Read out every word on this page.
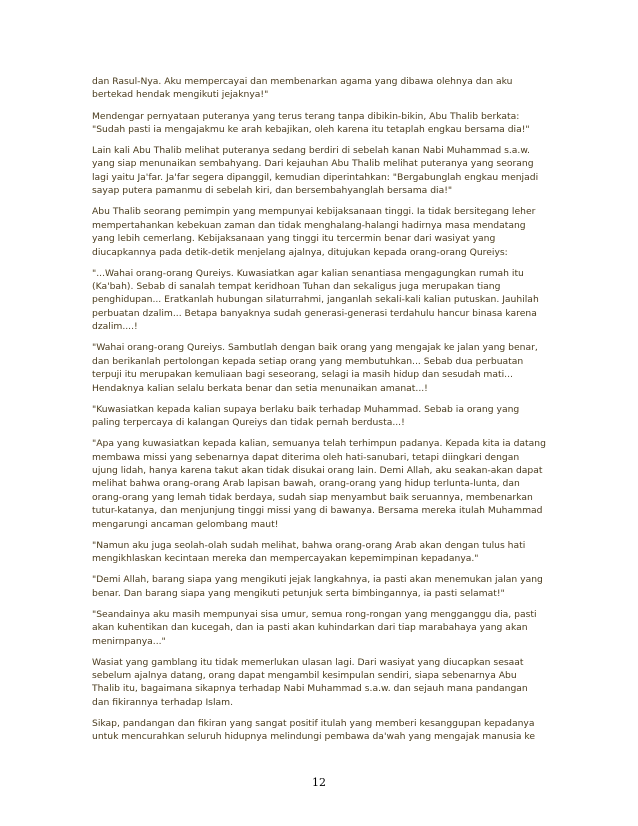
dan Rasul-Nya. Aku mempercayai dan membenarkan agama yang dibawa olehnya dan aku bertekad hendak mengikuti jejaknya!"

Mendengar pernyataan puteranya yang terus terang tanpa dibikin-bikin, Abu Thalib berkata: "Sudah pasti ia mengajakmu ke arah kebajikan, oleh karena itu tetaplah engkau bersama dia!"

Lain kali Abu Thalib melihat puteranya sedang berdiri di sebelah kanan Nabi Muhammad s.a.w. yang siap menunaikan sembahyang. Dari kejauhan Abu Thalib melihat puteranya yang seorang lagi yaitu Ja'far. Ja'far segera dipanggil, kemudian diperintahkan: "Bergabunglah engkau menjadi sayap putera pamanmu di sebelah kiri, dan bersembahyanglah bersama dia!"

Abu Thalib seorang pemimpin yang mempunyai kebijaksanaan tinggi. Ia tidak bersitegang leher mempertahankan kebekuan zaman dan tidak menghalang-halangi hadirnya masa mendatang yang lebih cemerlang. Kebijaksanaan yang tinggi itu tercermin benar dari wasiyat yang diucapkannya pada detik-detik menjelang ajalnya, ditujukan kepada orang-orang Qureiys:

"...Wahai orang-orang Qureiys. Kuwasiatkan agar kalian senantiasa mengagungkan rumah itu (Ka'bah). Sebab di sanalah tempat keridhoan Tuhan dan sekaligus juga merupakan tiang penghidupan... Eratkanlah hubungan silaturrahmi, janganlah sekali-kali kalian putuskan. Jauhilah perbuatan dzalim... Betapa banyaknya sudah generasi-generasi terdahulu hancur binasa karena dzalim....!

"Wahai orang-orang Qureiys. Sambutlah dengan baik orang yang mengajak ke jalan yang benar, dan berikanlah pertolongan kepada setiap orang yang membutuhkan... Sebab dua perbuatan terpuji itu merupakan kemuliaan bagi seseorang, selagi ia masih hidup dan sesudah mati... Hendaknya kalian selalu berkata benar dan setia menunaikan amanat...!

"Kuwasiatkan kepada kalian supaya berlaku baik terhadap Muhammad. Sebab ia orang yang paling terpercaya di kalangan Qureiys dan tidak pernah berdusta...!

"Apa yang kuwasiatkan kepada kalian, semuanya telah terhimpun padanya. Kepada kita ia datang membawa missi yang sebenarnya dapat diterima oleh hati-sanubari, tetapi diingkari dengan ujung lidah, hanya karena takut akan tidak disukai orang lain. Demi Allah, aku seakan-akan dapat melihat bahwa orang-orang Arab lapisan bawah, orang-orang yang hidup terlunta-lunta, dan orang-orang yang lemah tidak berdaya, sudah siap menyambut baik seruannya, membenarkan tutur-katanya, dan menjunjung tinggi missi yang di bawanya. Bersama mereka itulah Muhammad mengarungi ancaman gelombang maut!

"Namun aku juga seolah-olah sudah melihat, bahwa orang-orang Arab akan dengan tulus hati mengikhlaskan kecintaan mereka dan mempercayakan kepemimpinan kepadanya."

"Demi Allah, barang siapa yang mengikuti jejak langkahnya, ia pasti akan menemukan jalan yang benar. Dan barang siapa yang mengikuti petunjuk serta bimbingannya, ia pasti selamat!"

"Seandainya aku masih mempunyai sisa umur, semua rong-rongan yang mengganggu dia, pasti akan kuhentikan dan kucegah, dan ia pasti akan kuhindarkan dari tiap marabahaya yang akan menirnpanya..."

Wasiat yang gamblang itu tidak memerlukan ulasan lagi. Dari wasiyat yang diucapkan sesaat sebelum ajalnya datang, orang dapat mengambil kesimpulan sendiri, siapa sebenarnya Abu Thalib itu, bagaimana sikapnya terhadap Nabi Muhammad s.a.w. dan sejauh mana pandangan dan fikirannya terhadap Islam.

Sikap, pandangan dan fikiran yang sangat positif itulah yang memberi kesanggupan kepadanya untuk mencurahkan seluruh hidupnya melindungi pembawa da'wah yang mengajak manusia ke

12
